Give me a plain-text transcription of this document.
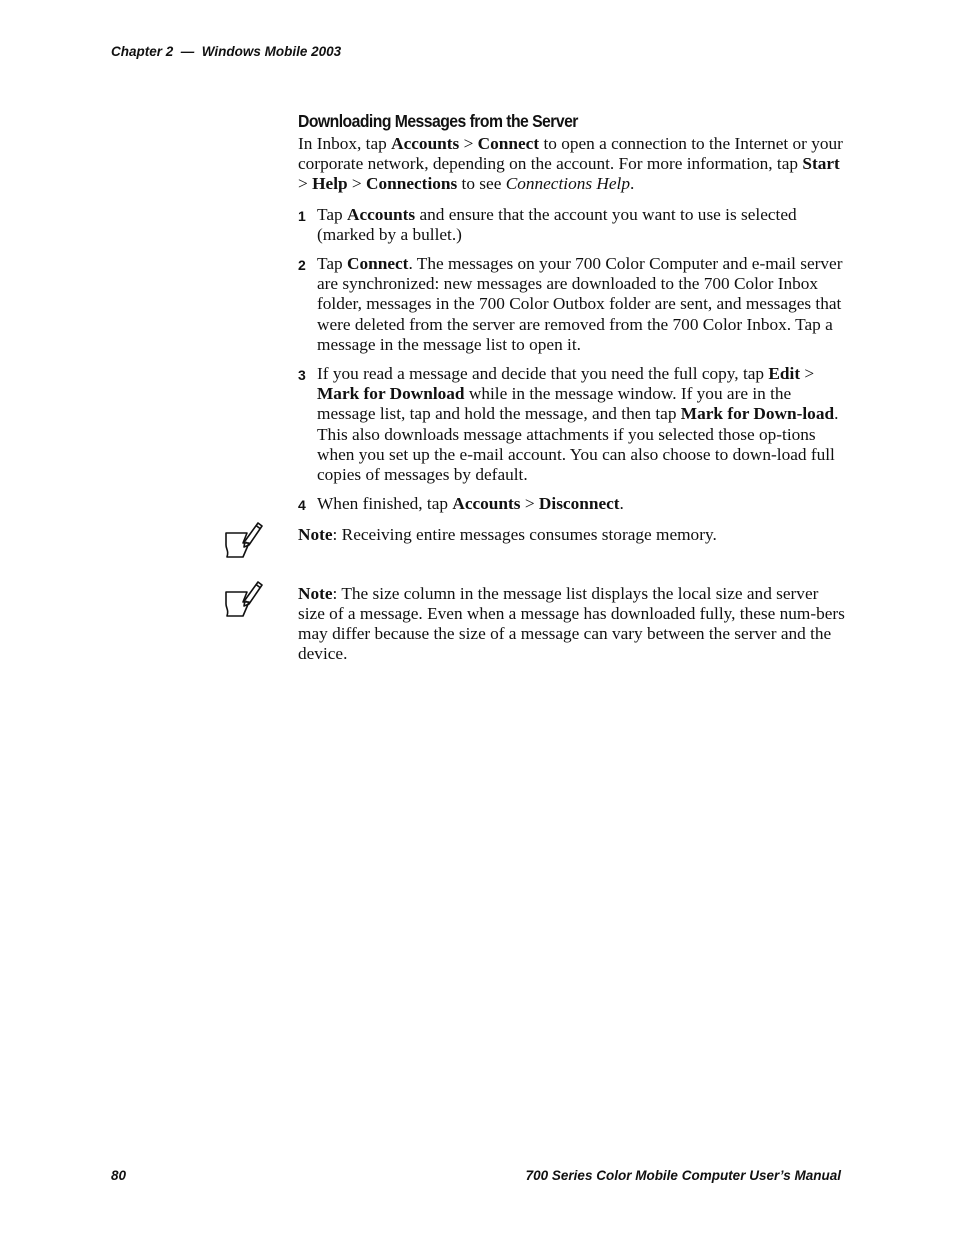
Chapter 2  —  Windows Mobile 2003
Downloading Messages from the Server

In Inbox, tap Accounts > Connect to open a connection to the Internet or your corporate network, depending on the account. For more information, tap Start > Help > Connections to see Connections Help.

1 Tap Accounts and ensure that the account you want to use is selected (marked by a bullet.)
2 Tap Connect. The messages on your 700 Color Computer and e-mail server are synchronized: new messages are downloaded to the 700 Color Inbox folder, messages in the 700 Color Outbox folder are sent, and messages that were deleted from the server are removed from the 700 Color Inbox. Tap a message in the message list to open it.
3 If you read a message and decide that you need the full copy, tap Edit > Mark for Download while in the message window. If you are in the message list, tap and hold the message, and then tap Mark for Down-load. This also downloads message attachments if you selected those op-tions when you set up the e-mail account. You can also choose to down-load full copies of messages by default.
4 When finished, tap Accounts > Disconnect.
Note: Receiving entire messages consumes storage memory.
Note: The size column in the message list displays the local size and server size of a message. Even when a message has downloaded fully, these num-bers may differ because the size of a message can vary between the server and the device.
80	700 Series Color Mobile Computer User’s Manual
